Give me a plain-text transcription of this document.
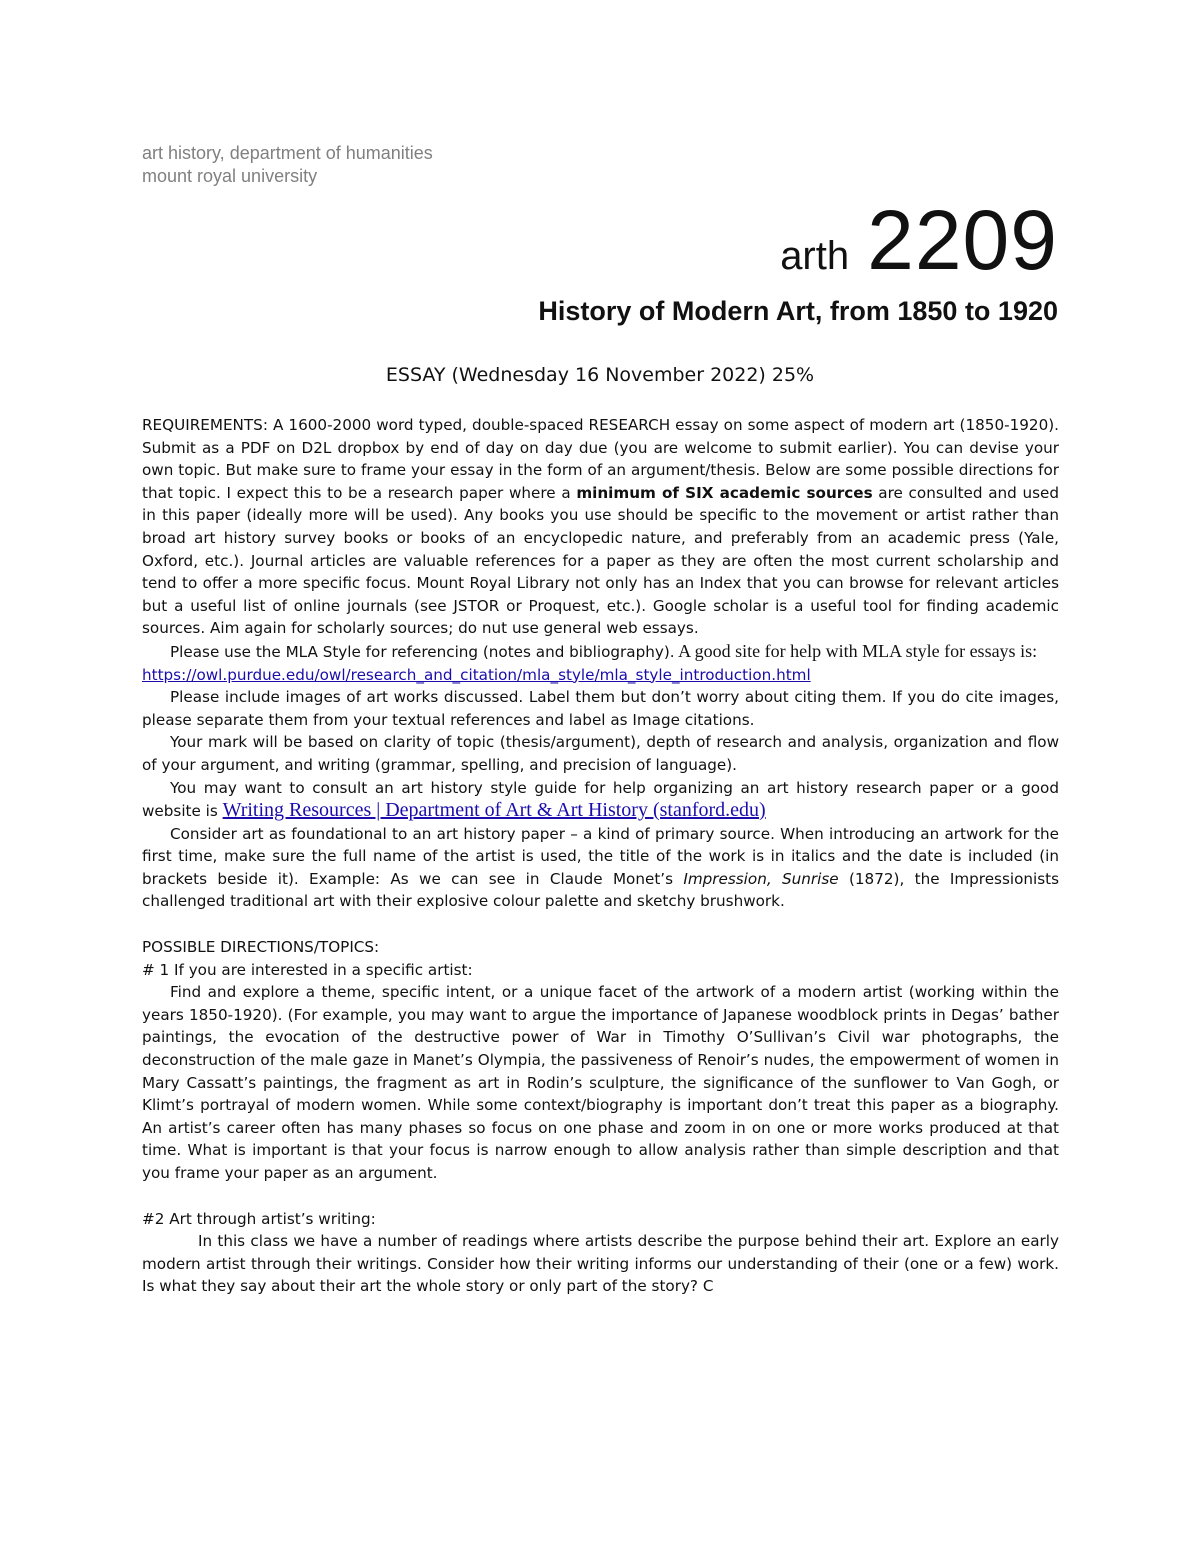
art history, department of humanities
mount royal university
arth 2209
History of Modern Art, from 1850 to 1920
ESSAY (Wednesday 16 November 2022) 25%

REQUIREMENTS: A 1600-2000 word typed, double-spaced RESEARCH essay on some aspect of modern art (1850-1920). Submit as a PDF on D2L dropbox by end of day on day due (you are welcome to submit earlier). You can devise your own topic. But make sure to frame your essay in the form of an argument/thesis. Below are some possible directions for that topic. I expect this to be a research paper where a minimum of SIX academic sources are consulted and used in this paper (ideally more will be used). Any books you use should be specific to the movement or artist rather than broad art history survey books or books of an encyclopedic nature, and preferably from an academic press (Yale, Oxford, etc.). Journal articles are valuable references for a paper as they are often the most current scholarship and tend to offer a more specific focus. Mount Royal Library not only has an Index that you can browse for relevant articles but a useful list of online journals (see JSTOR or Proquest, etc.). Google scholar is a useful tool for finding academic sources. Aim again for scholarly sources; do nut use general web essays.

Please use the MLA Style for referencing (notes and bibliography). A good site for help with MLA style for essays is:

https://owl.purdue.edu/owl/research_and_citation/mla_style/mla_style_introduction.html

Please include images of art works discussed. Label them but don’t worry about citing them. If you do cite images, please separate them from your textual references and label as Image citations.

Your mark will be based on clarity of topic (thesis/argument), depth of research and analysis, organization and flow of your argument, and writing (grammar, spelling, and precision of language).

You may want to consult an art history style guide for help organizing an art history research paper or a good website is Writing Resources | Department of Art & Art History (stanford.edu)

Consider art as foundational to an art history paper – a kind of primary source. When introducing an artwork for the first time, make sure the full name of the artist is used, the title of the work is in italics and the date is included (in brackets beside it). Example: As we can see in Claude Monet’s Impression, Sunrise (1872), the Impressionists challenged traditional art with their explosive colour palette and sketchy brushwork.

POSSIBLE DIRECTIONS/TOPICS:

# 1 If you are interested in a specific artist:

Find and explore a theme, specific intent, or a unique facet of the artwork of a modern artist (working within the years 1850-1920). (For example, you may want to argue the importance of Japanese woodblock prints in Degas’ bather paintings, the evocation of the destructive power of War in Timothy O’Sullivan’s Civil war photographs, the deconstruction of the male gaze in Manet’s Olympia, the passiveness of Renoir’s nudes, the empowerment of women in Mary Cassatt’s paintings, the fragment as art in Rodin’s sculpture, the significance of the sunflower to Van Gogh, or Klimt’s portrayal of modern women. While some context/biography is important don’t treat this paper as a biography. An artist’s career often has many phases so focus on one phase and zoom in on one or more works produced at that time. What is important is that your focus is narrow enough to allow analysis rather than simple description and that you frame your paper as an argument.

#2 Art through artist’s writing:

In this class we have a number of readings where artists describe the purpose behind their art. Explore an early modern artist through their writings. Consider how their writing informs our understanding of their (one or a few) work. Is what they say about their art the whole story or only part of the story? C
